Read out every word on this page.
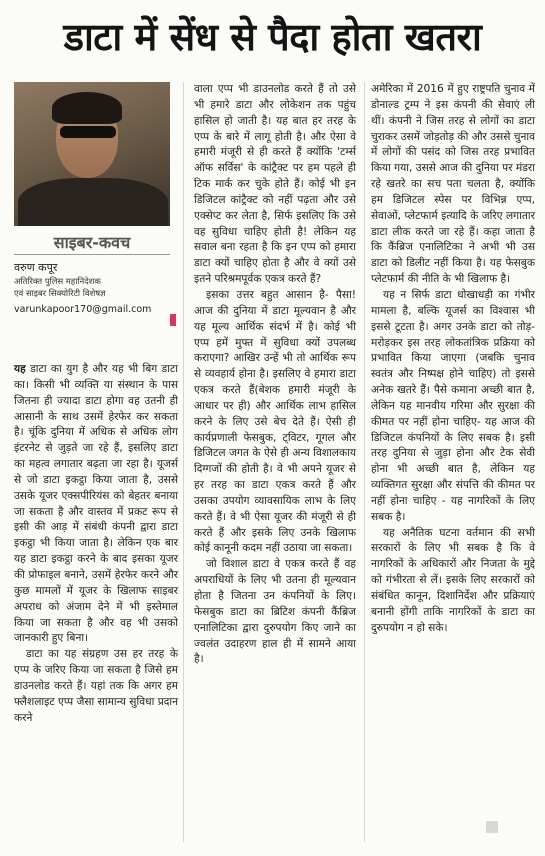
डाटा में सेंध से पैदा होता खतरा
साइबर-कवच
वरुण कपूर
अतिरिक्त पुलिस महानिदेशक
एवं साइबर सिक्योरिटी विशेषज्ञ
varunkapoor170@gmail.com

यह डाटा का युग है और यह भी बिग डाटा का। किसी भी व्यक्ति या संस्थान के पास जितना ही ज्यादा डाटा होगा वह उतनी ही आसानी के साथ उसमें हेरफेर कर सकता है। चूंकि दुनिया में अधिक से अधिक लोग इंटरनेट से जुड़ते जा रहे हैं, इसलिए डाटा का महत्व लगातार बढ़ता जा रहा है। यूजर्स से जो डाटा इकट्ठा किया जाता है, उससे उसके यूजर एक्सपीरियंस को बेहतर बनाया जा सकता है और वास्तव में प्रकट रूप से इसी की आड़ में संबंधी कंपनी द्वारा डाटा इकट्ठा भी किया जाता है। लेकिन एक बार यह डाटा इकट्ठा करने के बाद इसका यूजर की प्रोफाइल बनाने, उसमें हेरफेर करने और कुछ मामलों में यूजर के खिलाफ साइबर अपराध को अंजाम देने में भी इस्तेमाल किया जा सकता है और वह भी उसको जानकारी हुए बिना।

डाटा का यह संग्रहण उस हर तरह के एप्प के जरिए किया जा सकता है जिसे हम डाउनलोड करते हैं। यहां तक कि अगर हम फ्लैशलाइट एप्प जैसा सामान्य सुविधा प्रदान करने

वाला एप्प भी डाउनलोड करते हैं तो उसे भी हमारे डाटा और लोकेशन तक पहुंच हासिल हो जाती है। यह बात हर तरह के एप्प के बारे में लागू होती है। और ऐसा वे हमारी मंजूरी से ही करते हैं क्योंकि 'टर्म्स ऑफ सर्विस' के कांट्रैक्ट पर हम पहले ही टिक मार्क कर चुके होते हैं। कोई भी इन डिजिटल कांट्रैक्ट को नहीं पढ़ता और उसे एक्सेप्ट कर लेता है, सिर्फ इसलिए कि उसे वह सुविधा चाहिए होती है! लेकिन यह सवाल बना रहता है कि इन एप्प को हमारा डाटा क्यों चाहिए होता है और वे क्यों उसे इतने परिश्रमपूर्वक एकत्र करते हैं?

इसका उत्तर बहुत आसान है- पैसा! आज की दुनिया में डाटा मूल्यवान है और यह मूल्य आर्थिक संदर्भ में है। कोई भी एप्प हमें मुफ्त में सुविधा क्यों उपलब्ध कराएगा? आखिर उन्हें भी तो आर्थिक रूप से व्यवहार्य होना है। इसलिए वे हमारा डाटा एकत्र करते हैं(बेशक हमारी मंजूरी के आधार पर ही) और आर्थिक लाभ हासिल करने के लिए उसे बेच देते हैं। ऐसी ही कार्यप्रणाली फेसबुक, ट्विटर, गूगल और डिजिटल जगत के ऐसे ही अन्य विशालकाय दिग्गजों की होती है। वे भी अपने यूजर से हर तरह का डाटा एकत्र करते हैं और उसका उपयोग व्यावसायिक लाभ के लिए करते हैं। वे भी ऐसा यूजर की मंजूरी से ही करते हैं और इसके लिए उनके खिलाफ कोई कानूनी कदम नहीं उठाया जा सकता।

जो विशाल डाटा वे एकत्र करते हैं वह अपराधियों के लिए भी उतना ही मूल्यवान होता है जितना उन कंपनियों के लिए। फेसबुक डाटा का ब्रिटिश कंपनी कैंब्रिज एनालिटिका द्वारा दुरुपयोग किए जाने का ज्वलंत उदाहरण हाल ही में सामने आया है।

अमेरिका में 2016 में हुए राष्ट्रपति चुनाव में डोनाल्ड ट्रम्प ने इस कंपनी की सेवाएं ली थीं। कंपनी ने जिस तरह से लोगों का डाटा चुराकर उसमें जोड़तोड़ की और उससे चुनाव में लोगों की पसंद को जिस तरह प्रभावित किया गया, उससे आज की दुनिया पर मंडरा रहे खतरे का सच पता चलता है, क्योंकि हम डिजिटल स्पेस पर विभिन्न एप्प, सेवाओं, प्लेटफार्म इत्यादि के जरिए लगातार डाटा लीक करते जा रहे हैं। कहा जाता है कि कैंब्रिज एनालिटिका ने अभी भी उस डाटा को डिलीट नहीं किया है। यह फेसबुक प्लेटफार्म की नीति के भी खिलाफ है।

यह न सिर्फ डाटा धोखाधड़ी का गंभीर मामला है, बल्कि यूजर्स का विश्वास भी इससे टूटता है। अगर उनके डाटा को तोड़-मरोड़कर इस तरह लोकतांत्रिक प्रक्रिया को प्रभावित किया जाएगा (जबकि चुनाव स्वतंत्र और निष्पक्ष होने चाहिए) तो इससे अनेक खतरे हैं। पैसे कमाना अच्छी बात है, लेकिन यह मानवीय गरिमा और सुरक्षा की कीमत पर नहीं होना चाहिए- यह आज की डिजिटल कंपनियों के लिए सबक है। इसी तरह दुनिया से जुड़ा होना और टेक सेवी होना भी अच्छी बात है, लेकिन यह व्यक्तिगत सुरक्षा और संपत्ति की कीमत पर नहीं होना चाहिए - यह नागरिकों के लिए सबक है।

यह अनैतिक घटना वर्तमान की सभी सरकारों के लिए भी सबक है कि वे नागरिकों के अधिकारों और निजता के मुद्दे को गंभीरता से लें। इसके लिए सरकारों को संबंधित कानून, दिशानिर्देश और प्रक्रियाएं बनानी होंगी ताकि नागरिकों के डाटा का दुरुपयोग न हो सके।
